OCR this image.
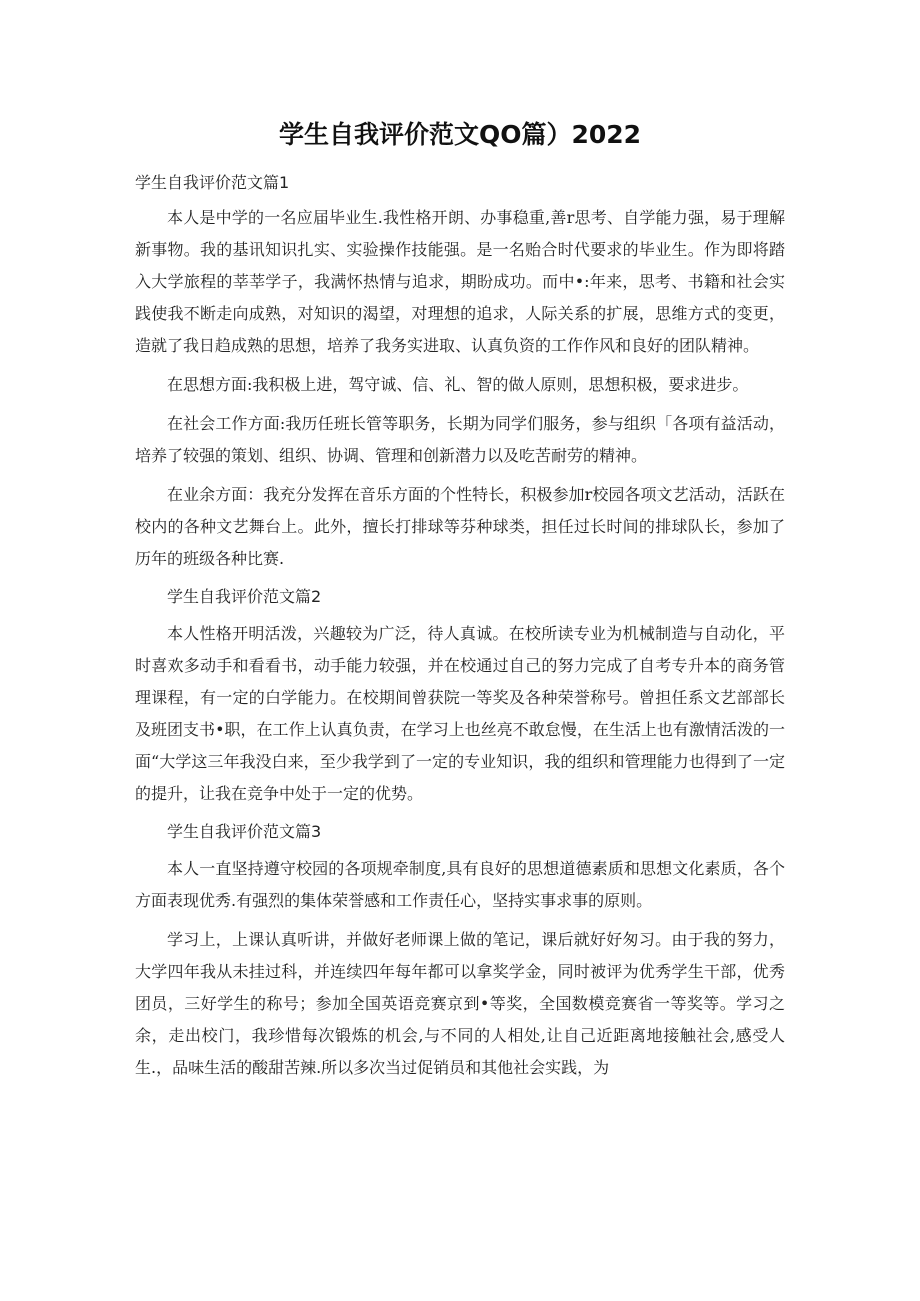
学生自我评价范文QO篇）2022

学生自我评价范文篇1

本人是中学的一名应届毕业生.我性格开朗、办事稳重,善r思考、自学能力强，易于理解新事物。我的基讯知识扎实、实验操作技能强。是一名贻合时代要求的毕业生。作为即将踏入大学旅程的莘莘学子，我满怀热情与追求，期盼成功。而中•:年来，思考、书籍和社会实践使我不断走向成熟，对知识的渴望，对理想的追求，人际关系的扩展，思维方式的变更，造就了我日趋成熟的思想，培养了我务实进取、认真负资的工作作风和良好的团队精神。

在思想方面:我积极上进，驾守诚、信、礼、智的做人原则，思想积极，要求进步。

在社会工作方面:我历任班长管等职务，长期为同学们服务，参与组织「各项有益活动，培养了较强的策划、组织、协调、管理和创新潜力以及吃苦耐劳的精神。

在业余方面：我充分发挥在音乐方面的个性特长，积极参加r校园各项文艺活动，活跃在校内的各种文艺舞台上。此外，擅长打排球等芬种球类，担任过长时间的排球队长，参加了历年的班级各种比赛.

学生自我评价范文篇2

本人性格开明活泼，兴趣较为广泛，待人真诚。在校所读专业为机械制造与自动化，平时喜欢多动手和看看书，动手能力较强，并在校通过自己的努力完成了自考专升本的商务管理课程，有一定的白学能力。在校期间曾获院一等奖及各种荣誉称号。曾担任系文艺部部长及班团支书•职，在工作上认真负责，在学习上也丝亮不敢怠慢，在生活上也有激情活泼的一面“大学这三年我没白来，至少我学到了一定的专业知识，我的组织和管理能力也得到了一定的提升，让我在竞争中处于一定的优势。

学生自我评价范文篇3

本人一直坚持遵守校园的各项规牵制度,具有良好的思想道德素质和思想文化素质，各个方面表现优秀.有强烈的集体荣誉感和工作责任心，坚持实事求事的原则。

学习上，上课认真听讲，并做好老师课上做的笔记，课后就好好匆习。由于我的努力，大学四年我从未挂过科，并连续四年每年都可以拿奖学金，同时被评为优秀学生干部，优秀团员，三好学生的称号；参加全国英语竞赛京到•等奖，全国数模竞赛省一等奖等。学习之余，走出校门，我珍惜每次锻炼的机会,与不同的人相处,让自己近距离地接触社会,感受人生.，品味生活的酸甜苦辣.所以多次当过促销员和其他社会实践，为
